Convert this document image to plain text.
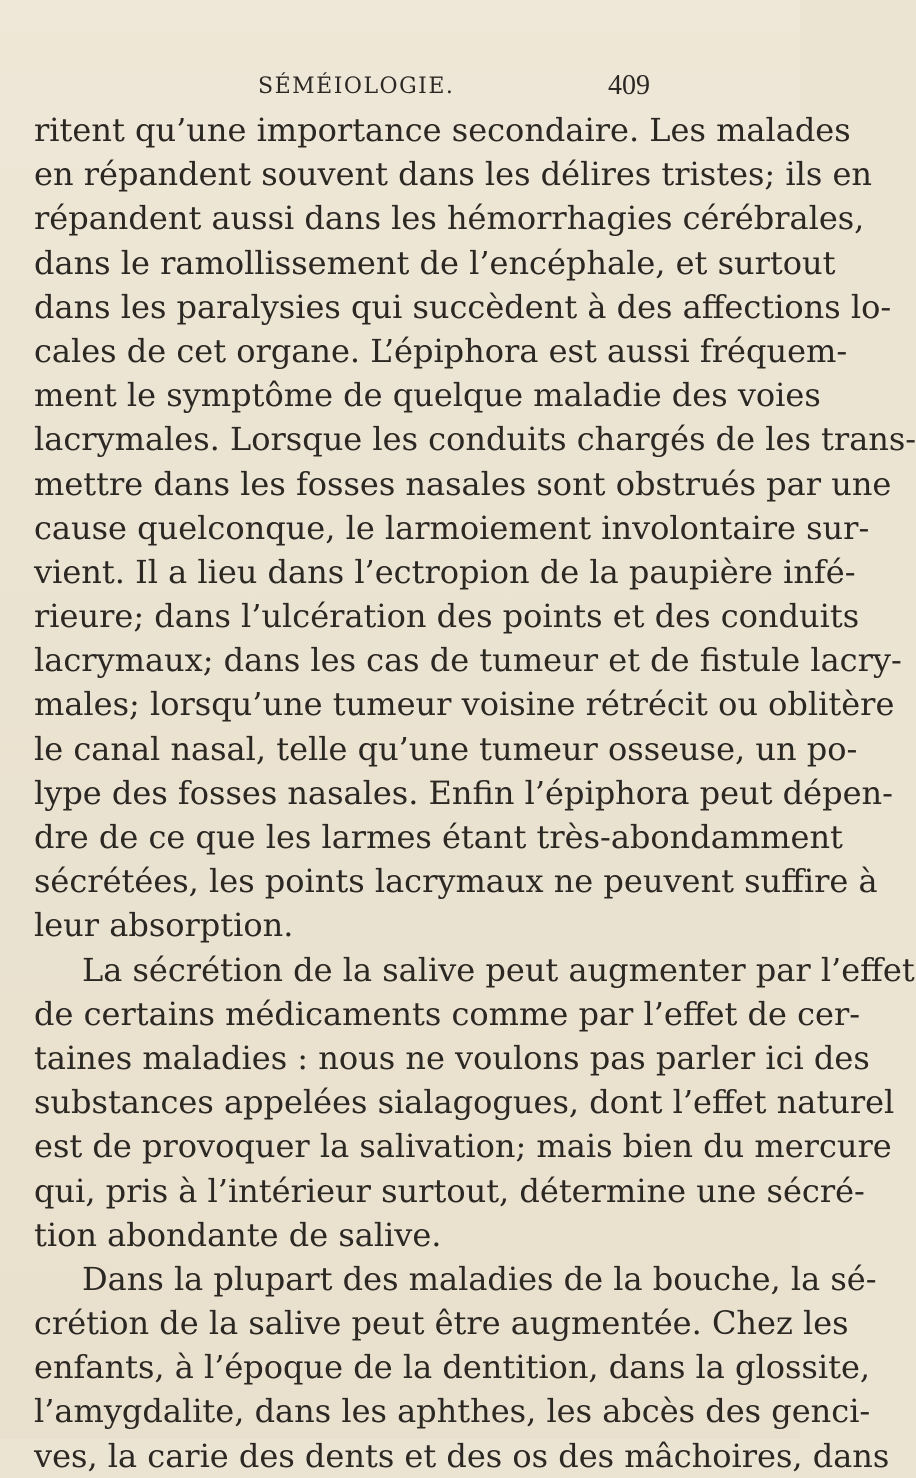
SÉMÉIOLOGIE.	409
ritent qu’une importance secondaire. Les malades
en répandent souvent dans les délires tristes; ils en
répandent aussi dans les hémorrhagies cérébrales,
dans le ramollissement de l’encéphale, et surtout
dans les paralysies qui succèdent à des affections lo-
cales de cet organe. L’épiphora est aussi fréquem-
ment le symptôme de quelque maladie des voies
lacrymales. Lorsque les conduits chargés de les trans-
mettre dans les fosses nasales sont obstrués par une
cause quelconque, le larmoiement involontaire sur-
vient. Il a lieu dans l’ectropion de la paupière infé-
rieure; dans l’ulcération des points et des conduits
lacrymaux; dans les cas de tumeur et de fistule lacry-
males; lorsqu’une tumeur voisine rétrécit ou oblitère
le canal nasal, telle qu’une tumeur osseuse, un po-
lype des fosses nasales. Enfin l’épiphora peut dépen-
dre de ce que les larmes étant très-abondamment
sécrétées, les points lacrymaux ne peuvent suffire à
leur absorption.
La sécrétion de la salive peut augmenter par l’effet
de certains médicaments comme par l’effet de cer-
taines maladies : nous ne voulons pas parler ici des
substances appelées sialagogues, dont l’effet naturel
est de provoquer la salivation; mais bien du mercure
qui, pris à l’intérieur surtout, détermine une sécré-
tion abondante de salive.
Dans la plupart des maladies de la bouche, la sé-
crétion de la salive peut être augmentée. Chez les
enfants, à l’époque de la dentition, dans la glossite,
l’amygdalite, dans les aphthes, les abcès des genci-
ves, la carie des dents et des os des mâchoires, dans
